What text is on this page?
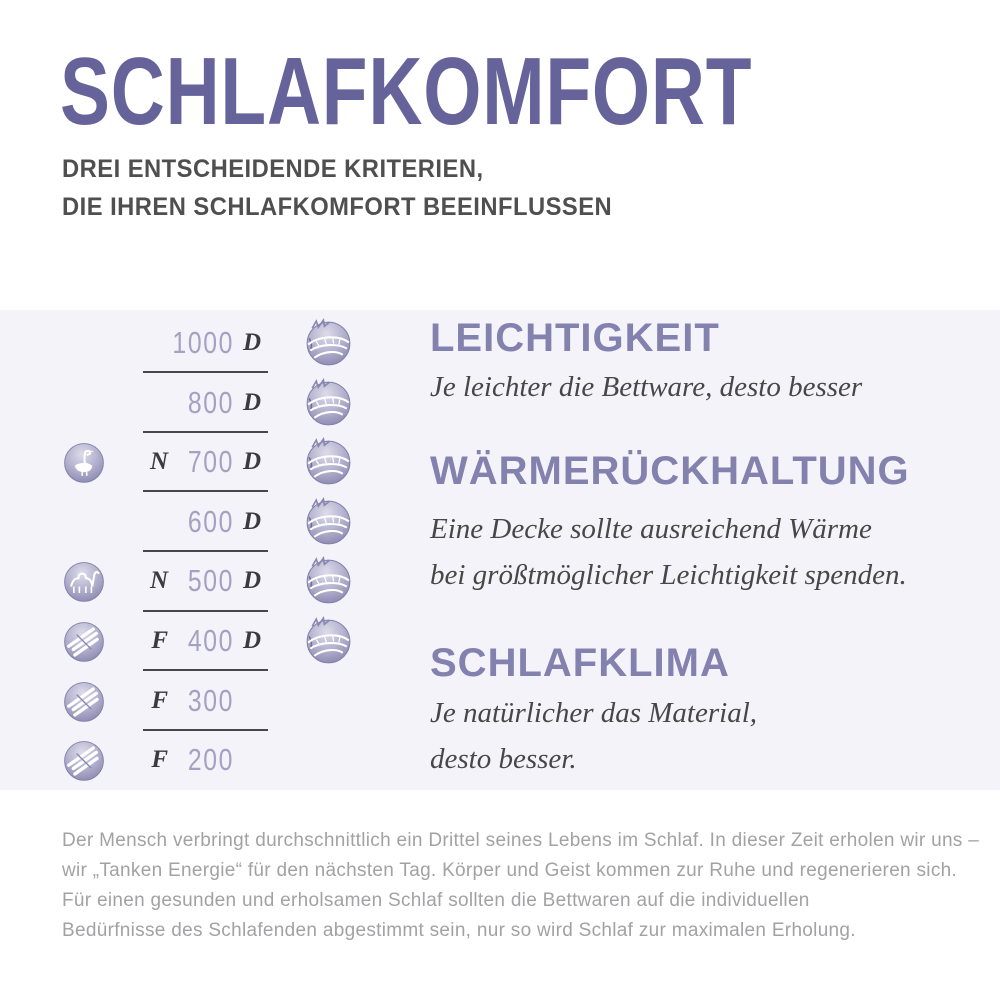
SCHLAFKOMFORT
DREI ENTSCHEIDENDE KRITERIEN,
DIE IHREN SCHLAFKOMFORT BEEINFLUSSEN
1000 D
800 D
N 700 D
600 D
N 500 D
F 400 D
F 300
F 200
LEICHTIGKEIT

Je leichter die Bettware, desto besser

WÄRMERÜCKHALTUNG

Eine Decke sollte ausreichend Wärme
bei größtmöglicher Leichtigkeit spenden.

SCHLAFKLIMA

Je natürlicher das Material,
desto besser.

Der Mensch verbringt durchschnittlich ein Drittel seines Lebens im Schlaf. In dieser Zeit erholen wir uns –
wir „Tanken Energie“ für den nächsten Tag. Körper und Geist kommen zur Ruhe und regenerieren sich.
Für einen gesunden und erholsamen Schlaf sollten die Bettwaren auf die individuellen
Bedürfnisse des Schlafenden abgestimmt sein, nur so wird Schlaf zur maximalen Erholung.
